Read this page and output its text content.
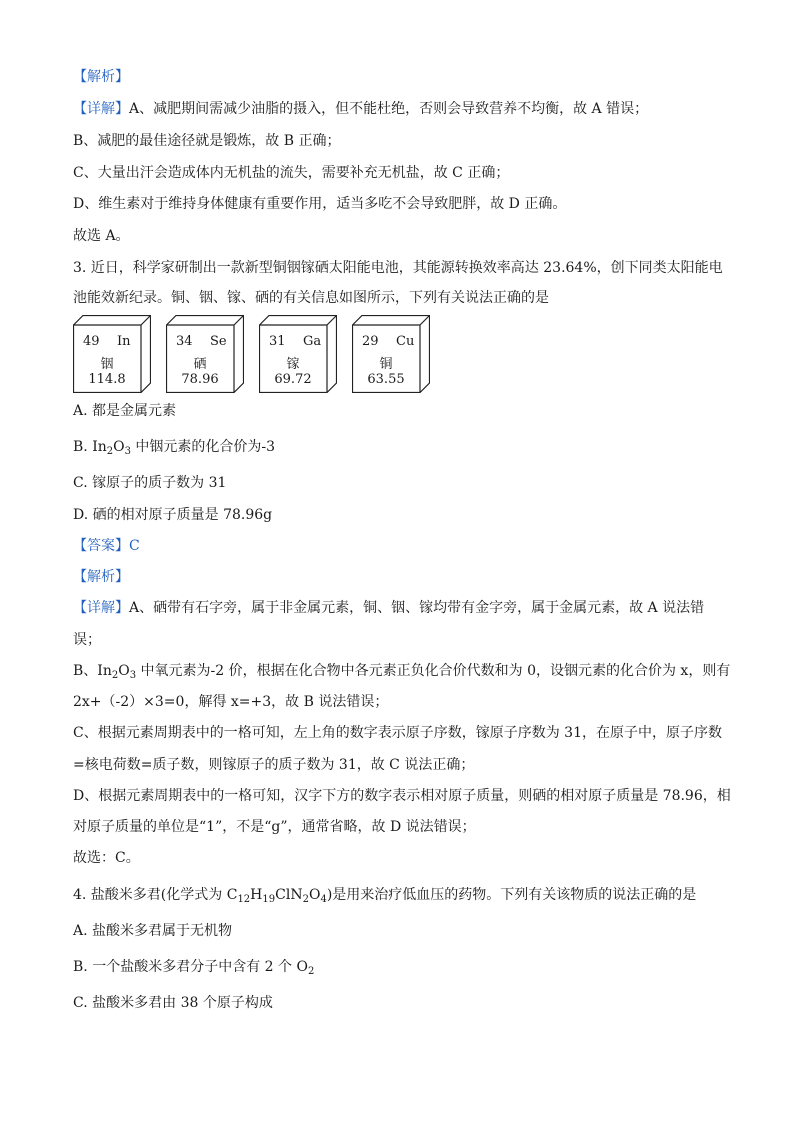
【解析】
【详解】A、减肥期间需减少油脂的摄入，但不能杜绝，否则会导致营养不均衡，故 A 错误；
B、减肥的最佳途径就是锻炼，故 B 正确；
C、大量出汗会造成体内无机盐的流失，需要补充无机盐，故 C 正确；
D、维生素对于维持身体健康有重要作用，适当多吃不会导致肥胖，故 D 正确。
故选 A。
3. 近日，科学家研制出一款新型铜铟镓硒太阳能电池，其能源转换效率高达 23.64%，创下同类太阳能电
池能效新纪录。铜、铟、镓、硒的有关信息如图所示，下列有关说法正确的是
49 In
铟
114.8
34 Se
硒
78.96
31 Ga
镓
69.72
29 Cu
铜
63.55
A. 都是金属元素
B. $In_2O_3$ 中铟元素的化合价为-3
C. 镓原子的质子数为 31
D. 硒的相对原子质量是 78.96g
【答案】C
【解析】
【详解】A、硒带有石字旁，属于非金属元素，铜、铟、镓均带有金字旁，属于金属元素，故 A 说法错
误；
B、$In_2O_3$ 中氧元素为-2 价，根据在化合物中各元素正负化合价代数和为 0，设铟元素的化合价为 x，则有
2x+（-2）×3=0，解得 x=+3，故 B 说法错误；
C、根据元素周期表中的一格可知，左上角的数字表示原子序数，镓原子序数为 31，在原子中，原子序数
=核电荷数=质子数，则镓原子的质子数为 31，故 C 说法正确；
D、根据元素周期表中的一格可知，汉字下方的数字表示相对原子质量，则硒的相对原子质量是 78.96，相
对原子质量的单位是“1”，不是“g”，通常省略，故 D 说法错误；
故选：C。
4. 盐酸米多君(化学式为 $C_{12}H_{19}ClN_2O_4$)是用来治疗低血压的药物。下列有关该物质的说法正确的是
A. 盐酸米多君属于无机物
B. 一个盐酸米多君分子中含有 2 个 $O_2$
C. 盐酸米多君由 38 个原子构成
